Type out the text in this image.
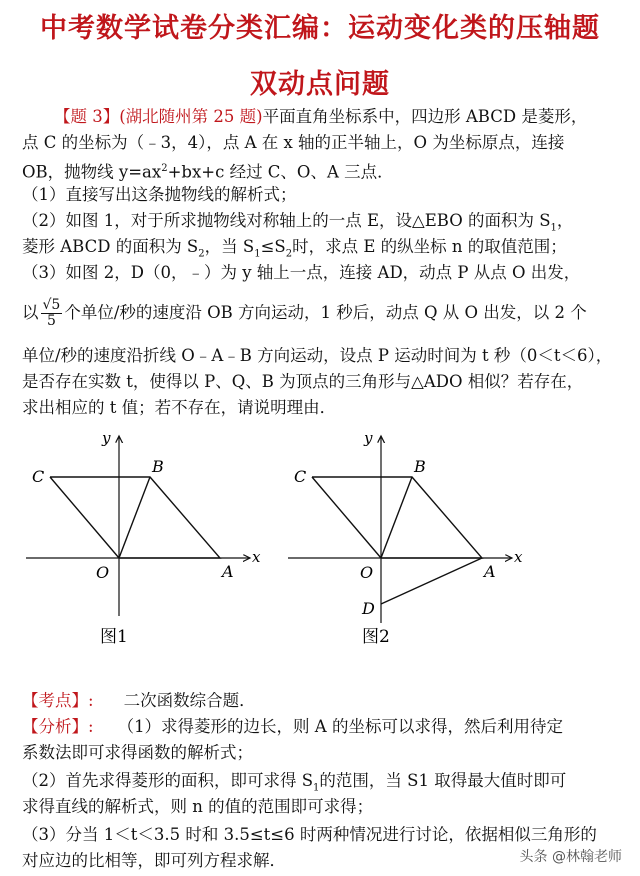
中考数学试卷分类汇编：运动变化类的压轴题
双动点问题
【题 3】(湖北随州第 25 题)平面直角坐标系中，四边形 ABCD 是菱形，
点 C 的坐标为（﹣3，4），点 A 在 x 轴的正半轴上，O 为坐标原点，连接
OB，抛物线 $y=ax^2+bx+c$ 经过 C、O、A 三点．
（1）直接写出这条抛物线的解析式；
（2）如图 1，对于所求抛物线对称轴上的一点 E，设△EBO 的面积为 $S_1$，
菱形 ABCD 的面积为 $S_2$，当 $S_1\le S_2$时，求点 E 的纵坐标 n 的取值范围；
（3）如图 2，D（0，﹣）为 y 轴上一点，连接 AD，动点 P 从点 O 出发，
以 $\frac{√5}{5}$ 个单位/秒的速度沿 OB 方向运动，1 秒后，动点 Q 从 O 出发，以 2 个
单位/秒的速度沿折线 O﹣A﹣B 方向运动，设点 P 运动时间为 t 秒（0＜t＜6），
是否存在实数 t，使得以 P、Q、B 为顶点的三角形与△ADO 相似？若存在，
求出相应的 t 值；若不存在，请说明理由．
C
B
O	A
x
y
图1
C
B
O	A
D
x
y
图2
【考点】: 二次函数综合题．
【分析】: （1）求得菱形的边长，则 A 的坐标可以求得，然后利用待定
系数法即可求得函数的解析式；
（2）首先求得菱形的面积，即可求得 $S_1$的范围，当 S1 取得最大值时即可
求得直线的解析式，则 n 的值的范围即可求得；
（3）分当 1＜t＜3.5 时和 3.5≤t≤6 时两种情况进行讨论，依据相似三角形的
对应边的比相等，即可列方程求解．	头条 @林翰老师
